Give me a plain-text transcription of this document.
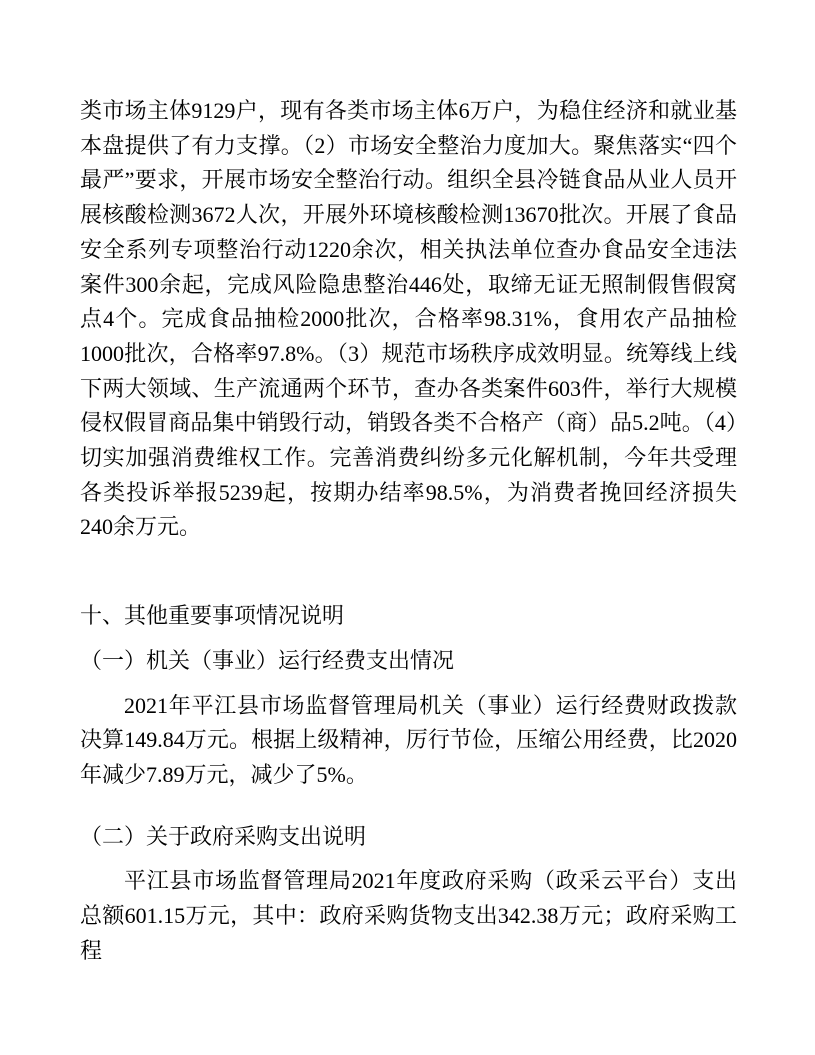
类市场主体9129户，现有各类市场主体6万户，为稳住经济和就业基本盘提供了有力支撑。（2）市场安全整治力度加大。聚焦落实“四个最严”要求，开展市场安全整治行动。组织全县冷链食品从业人员开展核酸检测3672人次，开展外环境核酸检测13670批次。开展了食品安全系列专项整治行动1220余次，相关执法单位查办食品安全违法案件300余起，完成风险隐患整治446处，取缔无证无照制假售假窝点4个。完成食品抽检2000批次，合格率98.31%，食用农产品抽检1000批次，合格率97.8%。（3）规范市场秩序成效明显。统筹线上线下两大领域、生产流通两个环节，查办各类案件603件，举行大规模侵权假冒商品集中销毁行动，销毁各类不合格产（商）品5.2吨。（4）切实加强消费维权工作。完善消费纠纷多元化解机制，今年共受理各类投诉举报5239起，按期办结率98.5%，为消费者挽回经济损失240余万元。

十、其他重要事项情况说明

（一）机关（事业）运行经费支出情况

2021年平江县市场监督管理局机关（事业）运行经费财政拨款决算149.84万元。根据上级精神，厉行节俭，压缩公用经费，比2020年减少7.89万元，减少了5%。

（二）关于政府采购支出说明

平江县市场监督管理局2021年度政府采购（政采云平台）支出总额601.15万元，其中：政府采购货物支出342.38万元；政府采购工程
